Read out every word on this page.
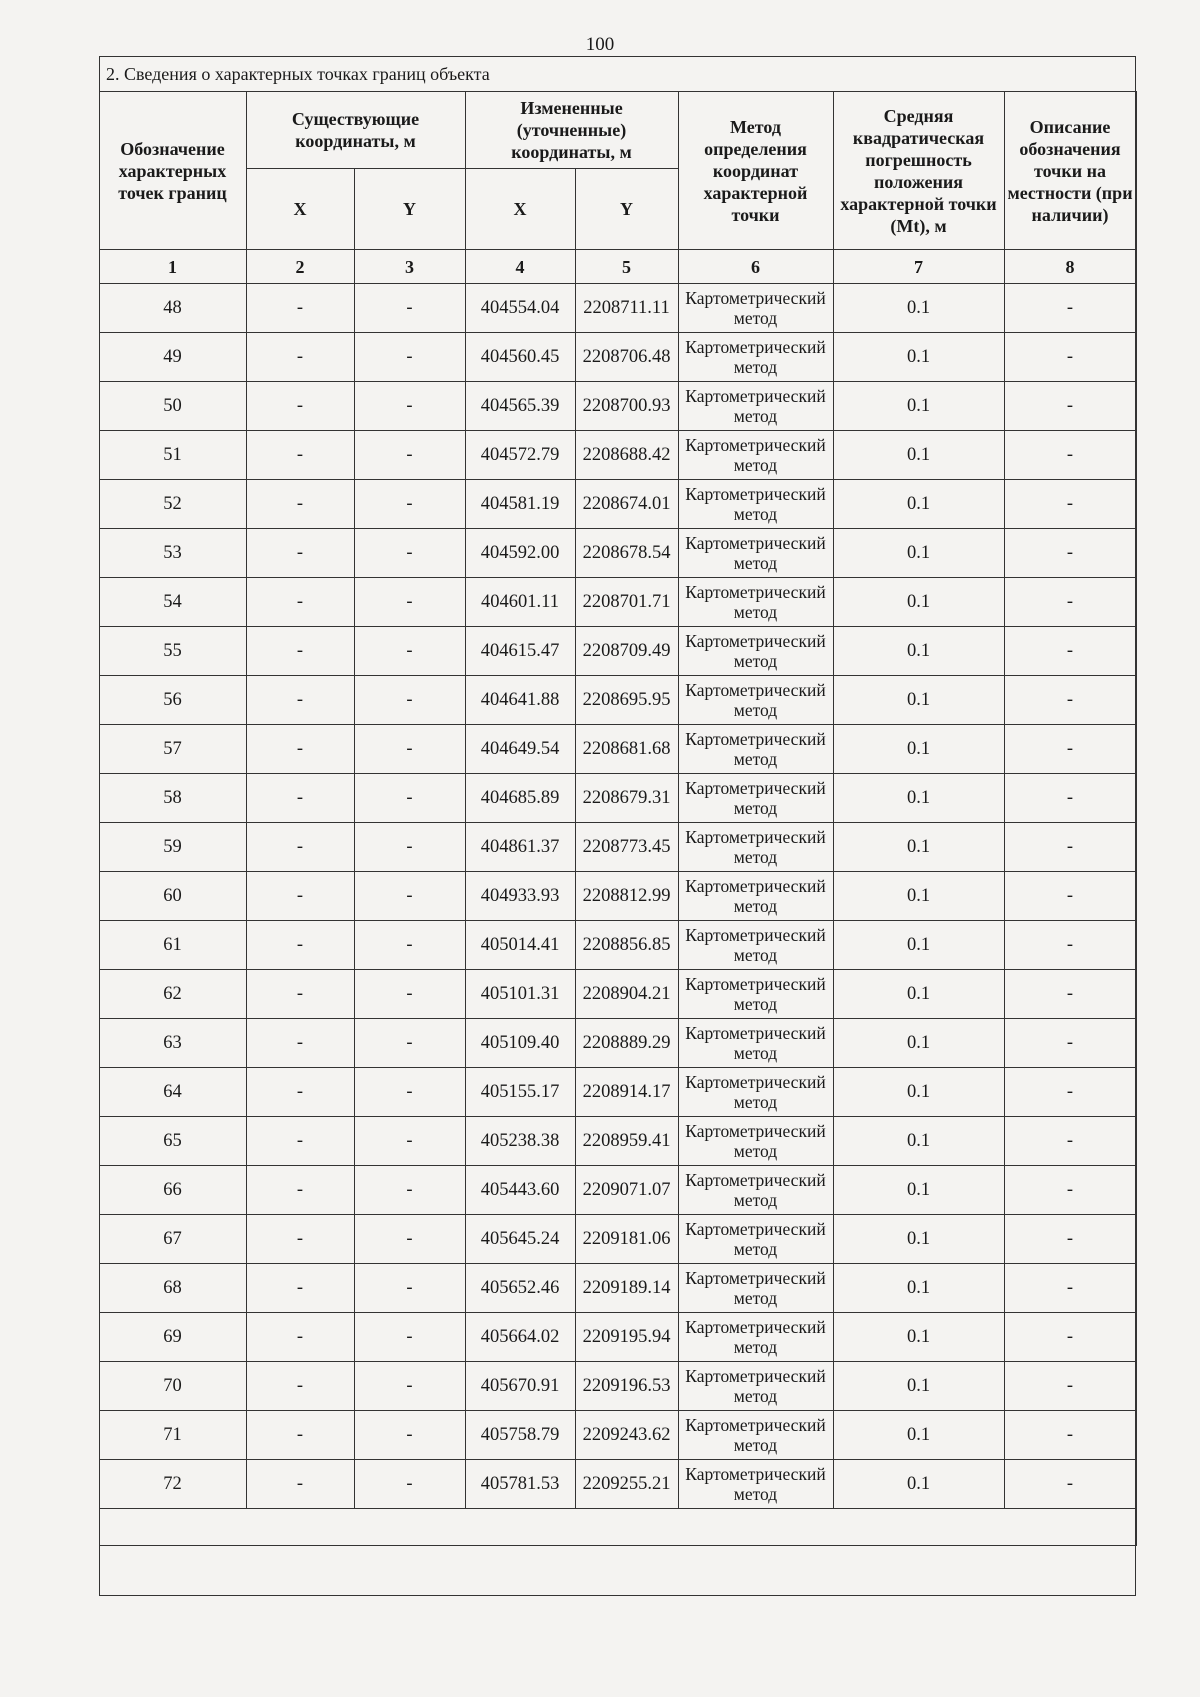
100
2. Сведения о характерных точках границ объекта
Обозначение характерных точек границ	Существующие координаты, м		Измененные (уточненные) координаты, м		Метод определения координат характерной точки	Средняя квадратическая погрешность положения характерной точки (Mt), м	Описание обозначения точки на местности (при наличии)
	X	Y	X	Y			
1	2	3	4	5	6	7	8
48	-	-	404554.04	2208711.11	Картометрический метод	0.1	-
49	-	-	404560.45	2208706.48	Картометрический метод	0.1	-
50	-	-	404565.39	2208700.93	Картометрический метод	0.1	-
51	-	-	404572.79	2208688.42	Картометрический метод	0.1	-
52	-	-	404581.19	2208674.01	Картометрический метод	0.1	-
53	-	-	404592.00	2208678.54	Картометрический метод	0.1	-
54	-	-	404601.11	2208701.71	Картометрический метод	0.1	-
55	-	-	404615.47	2208709.49	Картометрический метод	0.1	-
56	-	-	404641.88	2208695.95	Картометрический метод	0.1	-
57	-	-	404649.54	2208681.68	Картометрический метод	0.1	-
58	-	-	404685.89	2208679.31	Картометрический метод	0.1	-
59	-	-	404861.37	2208773.45	Картометрический метод	0.1	-
60	-	-	404933.93	2208812.99	Картометрический метод	0.1	-
61	-	-	405014.41	2208856.85	Картометрический метод	0.1	-
62	-	-	405101.31	2208904.21	Картометрический метод	0.1	-
63	-	-	405109.40	2208889.29	Картометрический метод	0.1	-
64	-	-	405155.17	2208914.17	Картометрический метод	0.1	-
65	-	-	405238.38	2208959.41	Картометрический метод	0.1	-
66	-	-	405443.60	2209071.07	Картометрический метод	0.1	-
67	-	-	405645.24	2209181.06	Картометрический метод	0.1	-
68	-	-	405652.46	2209189.14	Картометрический метод	0.1	-
69	-	-	405664.02	2209195.94	Картометрический метод	0.1	-
70	-	-	405670.91	2209196.53	Картометрический метод	0.1	-
71	-	-	405758.79	2209243.62	Картометрический метод	0.1	-
72	-	-	405781.53	2209255.21	Картометрический метод	0.1	-
